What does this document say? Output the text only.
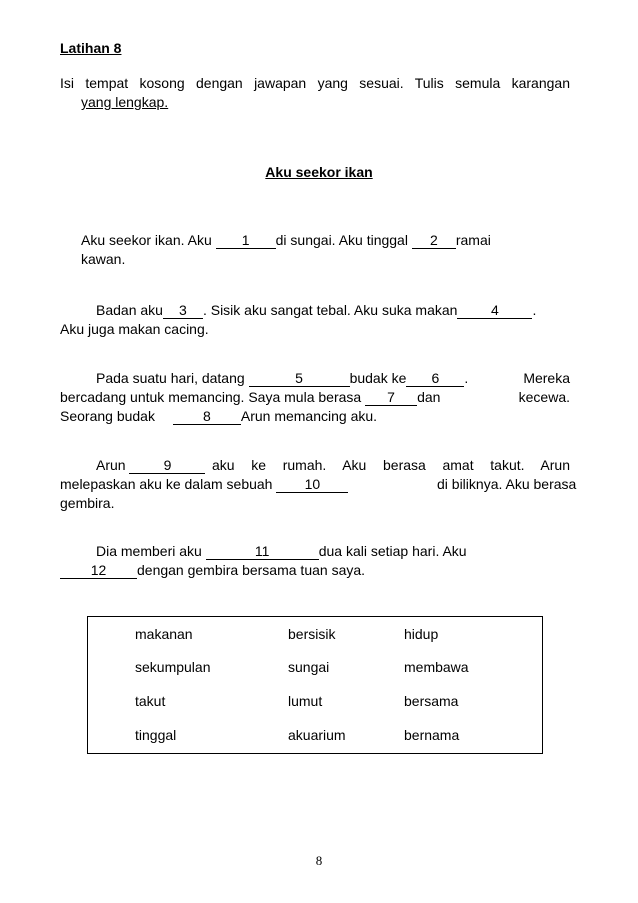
Latihan 8
Isi tempat kosong dengan jawapan yang sesuai. Tulis semula karangan
yang lengkap.
Aku seekor ikan
Aku seekor ikan. Aku 1 di sungai. Aku tinggal 2 ramai
kawan.
Badan aku 3 . Sisik aku sangat tebal. Aku suka makan 4 .
Aku juga makan cacing.
Pada suatu hari, datang	5	budak ke 6 .	Mereka
bercadang untuk memancing. Saya mula berasa 7 dan	kecewa.
Seorang budak	8 Arun memancing aku.
Arun 9	aku ke rumah. Aku berasa amat takut. Arun
melepaskan aku ke dalam sebuah 10	di biliknya. Aku berasa
gembira.
Dia memberi aku	11	dua kali setiap hari. Aku
12 dengan gembira bersama tuan saya.
makanan	bersisik	hidup
sekumpulan	sungai	membawa
takut	lumut	bersama
tinggal	akuarium	bernama
8
